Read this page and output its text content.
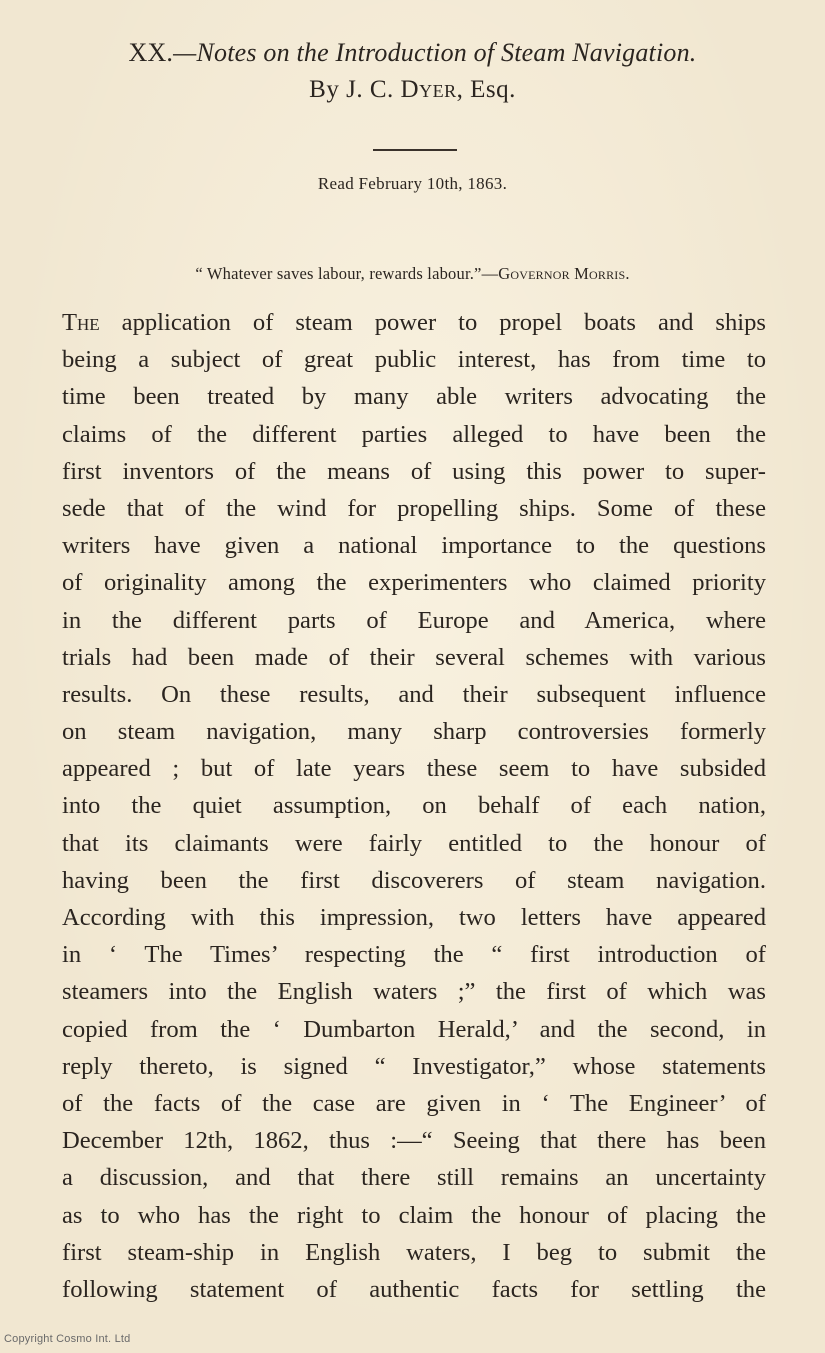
XX.—Notes on the Introduction of Steam Navigation.
By J. C. Dyer, Esq.
Read February 10th, 1863.
“ Whatever saves labour, rewards labour.”—Governor Morris.
The application of steam power to propel boats and ships
being a subject of great public interest, has from time to
time been treated by many able writers advocating the
claims of the different parties alleged to have been the
first inventors of the means of using this power to super-
sede that of the wind for propelling ships. Some of these
writers have given a national importance to the questions
of originality among the experimenters who claimed priority
in the different parts of Europe and America, where
trials had been made of their several schemes with various
results. On these results, and their subsequent influence
on steam navigation, many sharp controversies formerly
appeared ; but of late years these seem to have subsided
into the quiet assumption, on behalf of each nation,
that its claimants were fairly entitled to the honour of
having been the first discoverers of steam navigation.
According with this impression, two letters have appeared
in ‘ The Times’ respecting the “ first introduction of
steamers into the English waters ;” the first of which was
copied from the ‘ Dumbarton Herald,’ and the second, in
reply thereto, is signed “ Investigator,” whose statements
of the facts of the case are given in ‘ The Engineer’ of
December 12th, 1862, thus :—“ Seeing that there has been
a discussion, and that there still remains an uncertainty
as to who has the right to claim the honour of placing the
first steam-ship in English waters, I beg to submit the
following statement of authentic facts for settling the
Copyright Cosmo Int. Ltd
